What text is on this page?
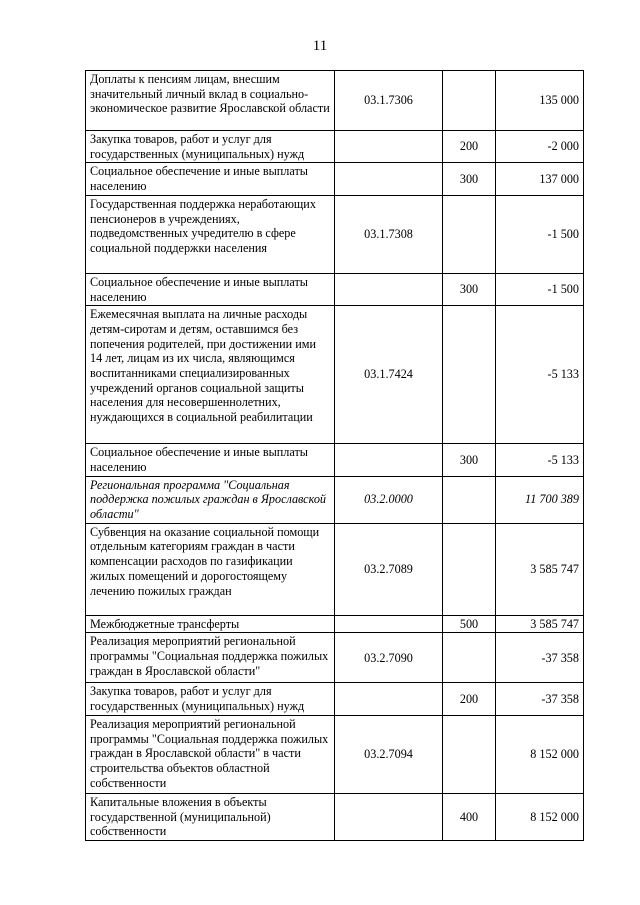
11
Доплаты к пенсиям лицам, внесшим значительный личный вклад в социально-экономическое развитие Ярославской области	03.1.7306		135 000
Закупка товаров, работ и услуг для государственных (муниципальных) нужд		200	-2 000
Социальное обеспечение и иные выплаты населению		300	137 000
Государственная поддержка неработающих пенсионеров в учреждениях, подведомственных учредителю в сфере социальной поддержки населения	03.1.7308		-1 500
Социальное обеспечение и иные выплаты населению		300	-1 500
Ежемесячная выплата на личные расходы детям-сиротам и детям, оставшимся без попечения родителей, при достижении ими 14 лет, лицам из их числа, являющимся воспитанниками специализированных учреждений органов социальной защиты населения для несовершеннолетних, нуждающихся в социальной реабилитации	03.1.7424		-5 133
Социальное обеспечение и иные выплаты населению		300	-5 133
Региональная программа "Социальная поддержка пожилых граждан в Ярославской области"	03.2.0000		11 700 389
Субвенция на оказание социальной помощи отдельным категориям граждан в части компенсации расходов по газификации жилых помещений и дорогостоящему лечению пожилых граждан	03.2.7089		3 585 747
Межбюджетные трансферты		500	3 585 747
Реализация мероприятий региональной программы "Социальная поддержка пожилых граждан в Ярославской области"	03.2.7090		-37 358
Закупка товаров, работ и услуг для государственных (муниципальных) нужд		200	-37 358
Реализация мероприятий региональной программы "Социальная поддержка пожилых граждан в Ярославской области" в части строительства объектов областной собственности	03.2.7094		8 152 000
Капитальные вложения в объекты государственной (муниципальной) собственности		400	8 152 000
